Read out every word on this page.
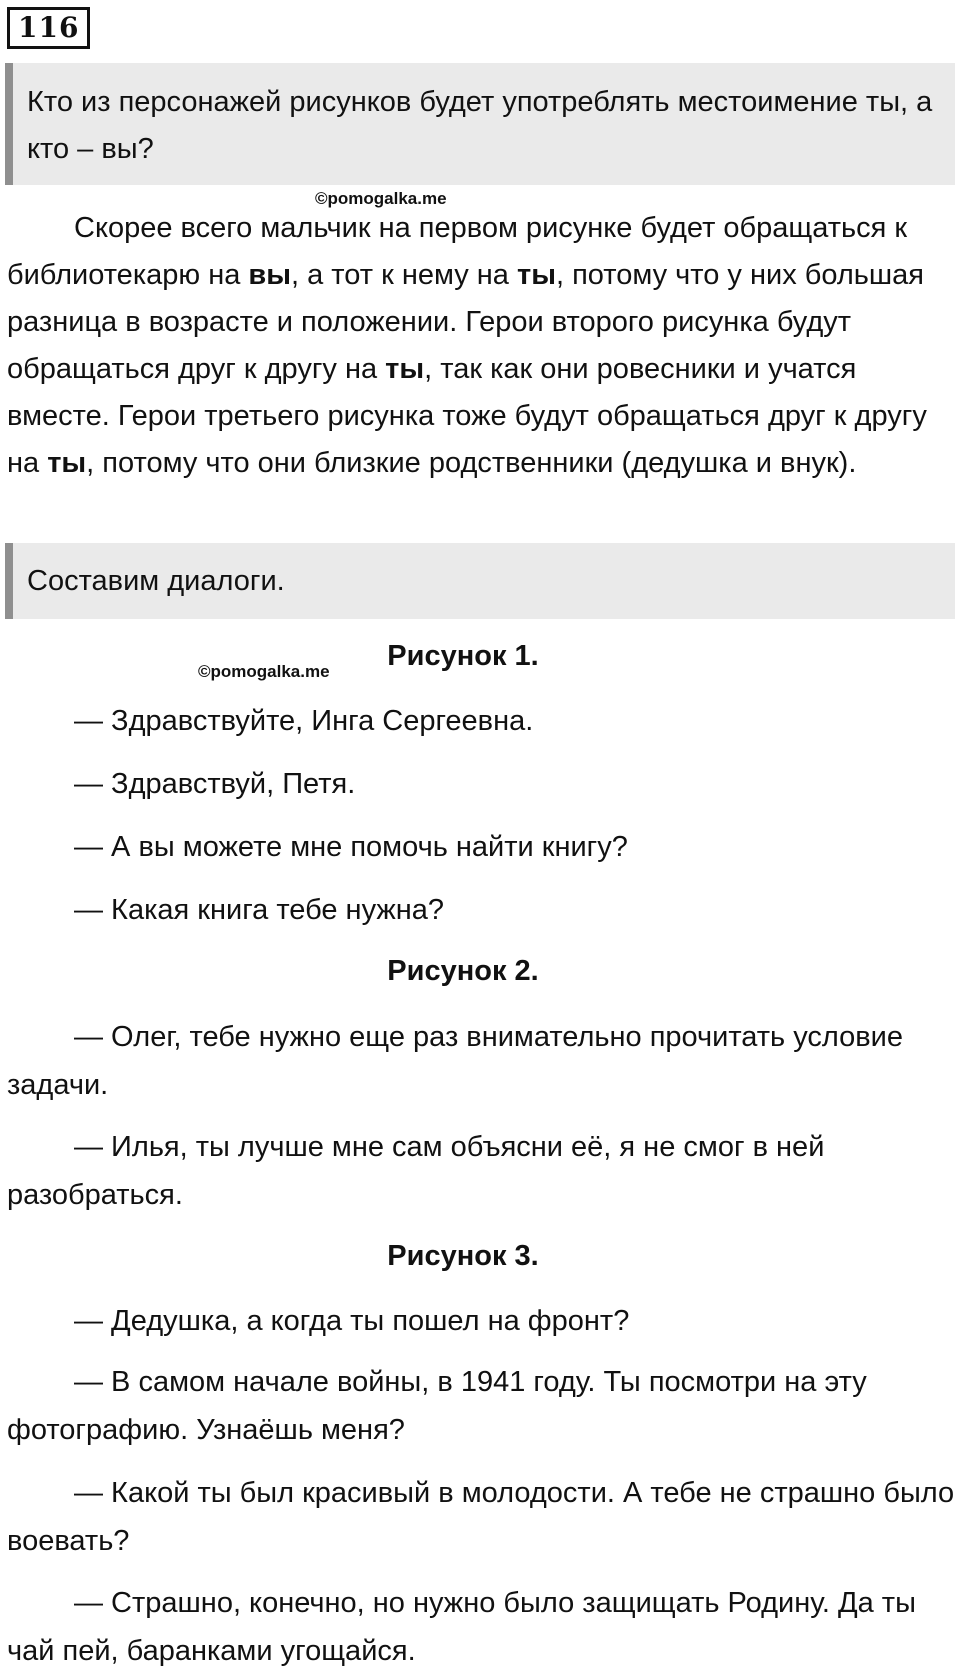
116
Кто из персонажей рисунков будет употреблять местоимение ты, а кто – вы?
©pomogalka.me

Скорее всего мальчик на первом рисунке будет обращаться к библиотекарю на вы, а тот к нему на ты, потому что у них большая разница в возрасте и положении. Герои второго рисунка будут обращаться друг к другу на ты, так как они ровесники и учатся вместе. Герои третьего рисунка тоже будут обращаться друг к другу на ты, потому что они близкие родственники (дедушка и внук).

Составим диалоги.
©pomogalka.me	Рисунок 1.

— Здравствуйте, Инга Сергеевна.

— Здравствуй, Петя.

— А вы можете мне помочь найти книгу?

— Какая книга тебе нужна?

Рисунок 2.

— Олег, тебе нужно еще раз внимательно прочитать условие задачи.

— Илья, ты лучше мне сам объясни её, я не смог в ней разобраться.

Рисунок 3.

— Дедушка, а когда ты пошел на фронт?

— В самом начале войны, в 1941 году. Ты посмотри на эту фотографию. Узнаёшь меня?

— Какой ты был красивый в молодости. А тебе не страшно было воевать?

— Страшно, конечно, но нужно было защищать Родину. Да ты чай пей, баранками угощайся.
